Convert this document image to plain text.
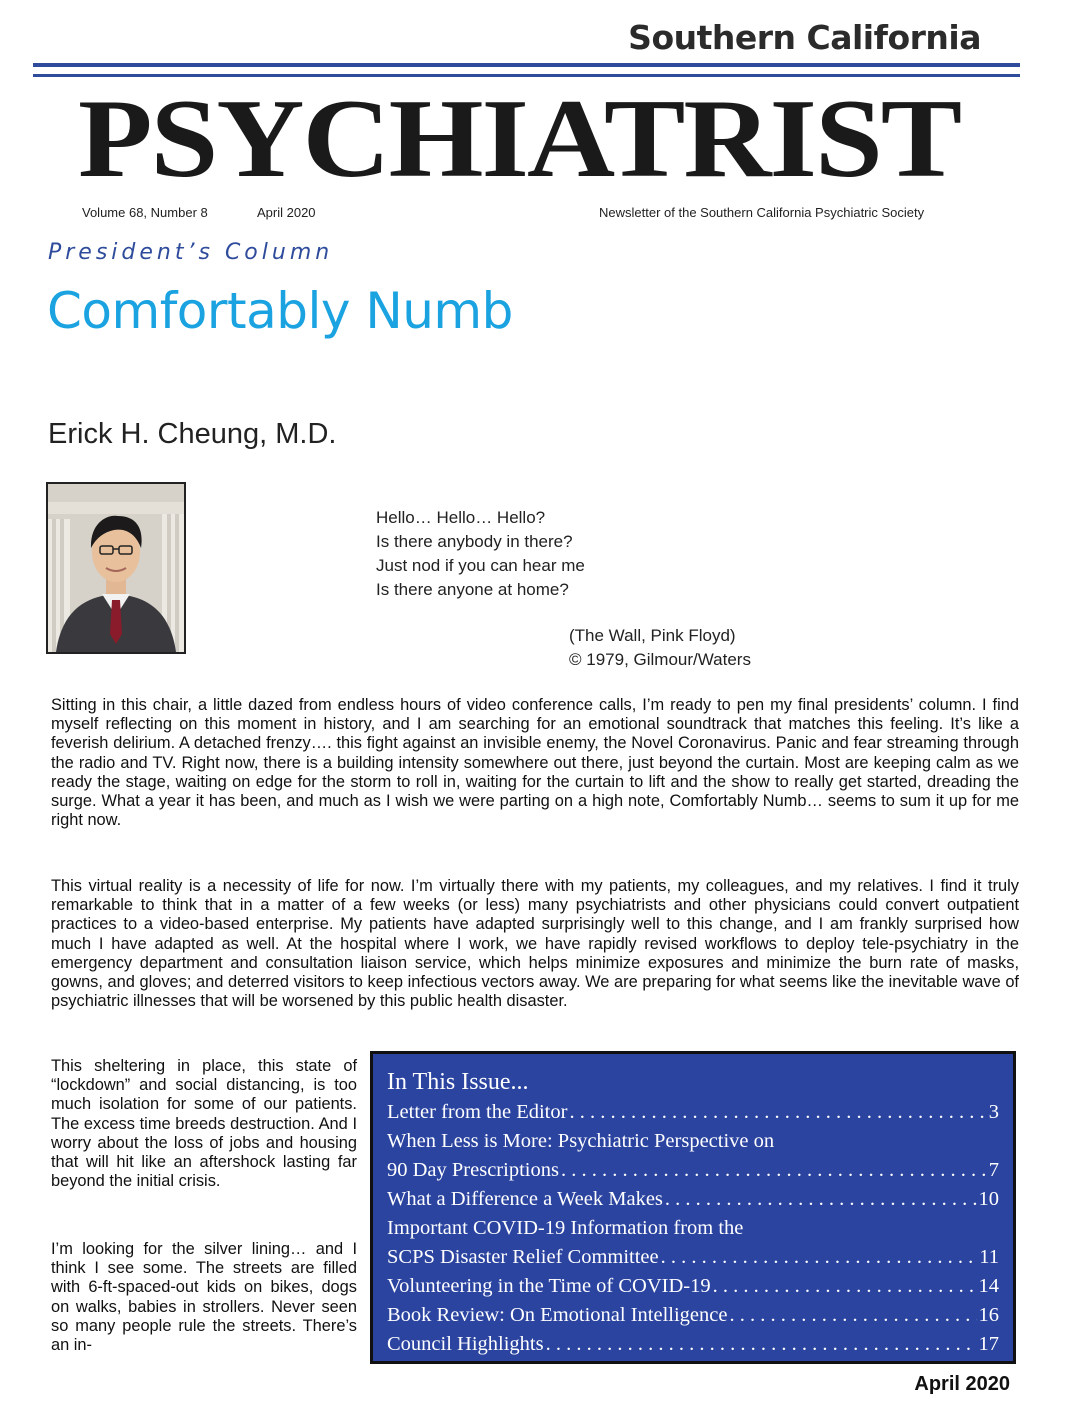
Southern California
PSYCHIATRIST
Volume 68, Number 8	April 2020	Newsletter of the Southern California Psychiatric Society
President’s Column
Comfortably Numb
Erick H. Cheung, M.D.
Hello… Hello… Hello?
Is there anybody in there?
Just nod if you can hear me
Is there anyone at home?
(The Wall, Pink Floyd)
© 1979, Gilmour/Waters
Sitting in this chair, a little dazed from endless hours of video conference calls, I’m ready to pen my final presidents’ column. I find myself reflecting on this moment in history, and I am searching for an emotional soundtrack that matches this feeling. It’s like a feverish delirium. A detached frenzy…. this fight against an invisible enemy, the Novel Coronavirus. Panic and fear streaming through the radio and TV. Right now, there is a building intensity somewhere out there, just beyond the curtain. Most are keeping calm as we ready the stage, waiting on edge for the storm to roll in, waiting for the curtain to lift and the show to really get started, dreading the surge. What a year it has been, and much as I wish we were parting on a high note, Comfortably Numb… seems to sum it up for me right now.
This virtual reality is a necessity of life for now. I’m virtually there with my patients, my colleagues, and my relatives. I find it truly remarkable to think that in a matter of a few weeks (or less) many psychiatrists and other physicians could convert outpatient practices to a video-based enterprise. My patients have adapted surprisingly well to this change, and I am frankly surprised how much I have adapted as well. At the hospital where I work, we have rapidly revised workflows to deploy tele-psychiatry in the emergency department and consultation liaison service, which helps minimize exposures and minimize the burn rate of masks, gowns, and gloves; and deterred visitors to keep infectious vectors away. We are preparing for what seems like the inevitable wave of psychiatric illnesses that will be worsened by this public health disaster.
This sheltering in place, this state of “lockdown” and social distancing, is too much isolation for some of our patients. The excess time breeds destruction. And I worry about the loss of jobs and housing that will hit like an aftershock lasting far beyond the initial crisis.
I’m looking for the silver lining… and I think I see some. The streets are filled with 6-ft-spaced-out kids on bikes, dogs on walks, babies in strollers. Never seen so many people rule the streets. There’s an in-
In This Issue...
Letter from the Editor . . .	3
When Less is More: Psychiatric Perspective on
90 Day Prescriptions . . .	7
What a Difference a Week Makes . . .	10
Important COVID-19 Information from the
SCPS Disaster Relief Committee . . .	11
Volunteering in the Time of COVID-19 . . .	14
Book Review: On Emotional Intelligence . . .	16
Council Highlights . . .	17
April 2020
